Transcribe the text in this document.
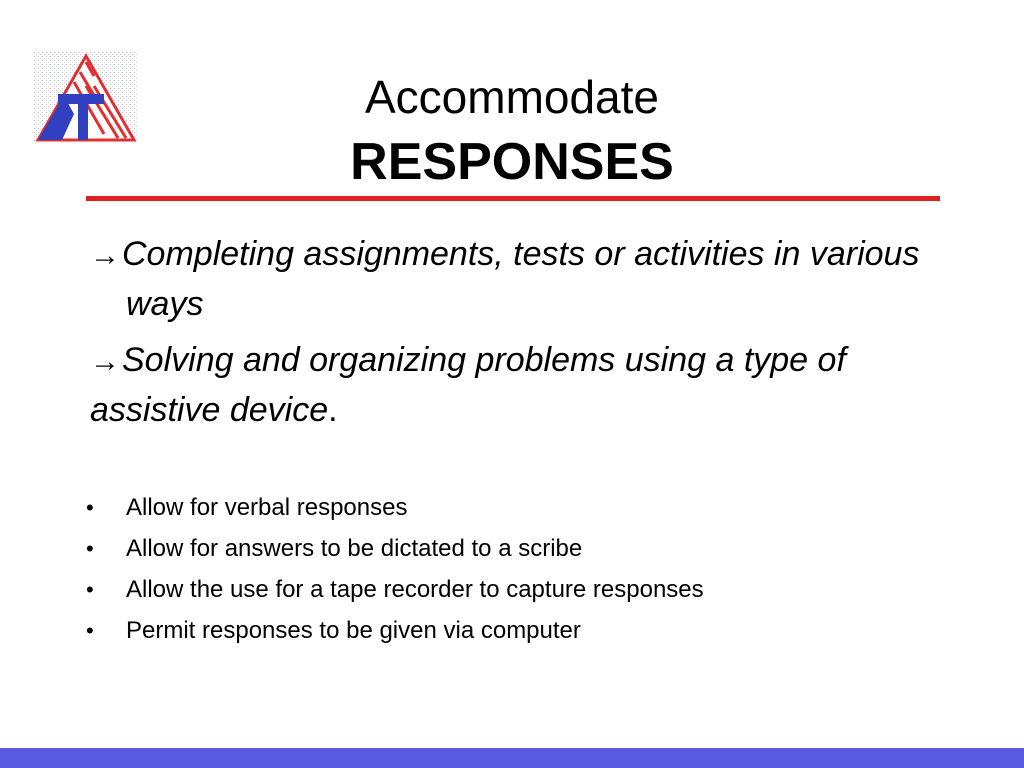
Accommodate
RESPONSES

→Completing assignments, tests or activities in various ways

→Solving and organizing problems using a type of assistive device.

•	Allow for verbal responses
•	Allow for answers to be dictated to a scribe
•	Allow the use for a tape recorder to capture responses
•	Permit responses to be given via computer
